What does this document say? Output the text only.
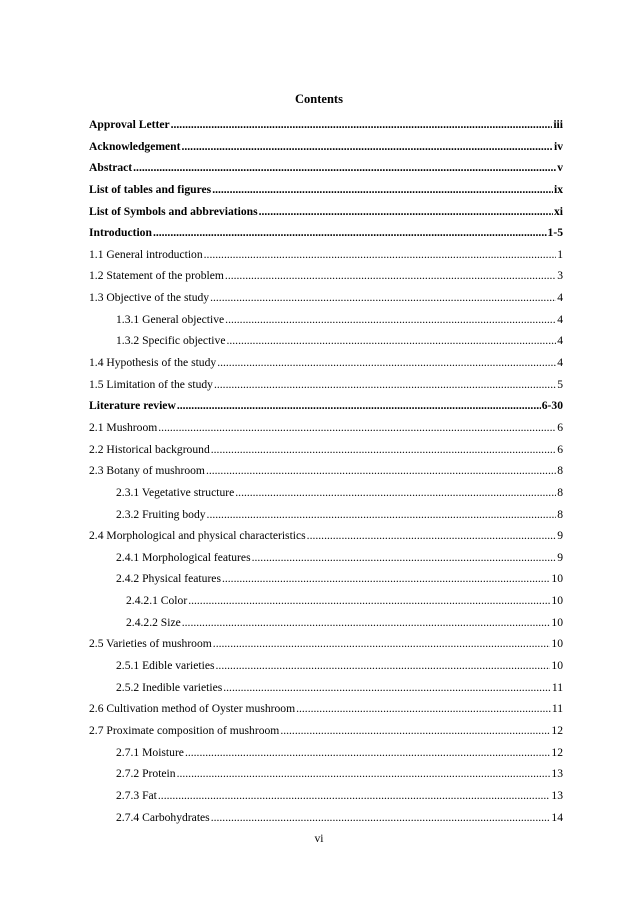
Contents
Approval Letter .....	iii
Acknowledgement .....	iv
Abstract .....	v
List of tables and figures .....	ix
List of Symbols and abbreviations .....	xi
Introduction .....	1-5
1.1 General introduction .....	1
1.2 Statement of the problem .....	3
1.3 Objective of the study .....	4
1.3.1 General objective .....	4
1.3.2 Specific objective .....	4
1.4 Hypothesis of the study .....	4
1.5 Limitation of the study .....	5
Literature review .....	6-30
2.1 Mushroom .....	6
2.2 Historical background .....	6
2.3 Botany of mushroom .....	8
2.3.1 Vegetative structure .....	8
2.3.2 Fruiting body .....	8
2.4 Morphological and physical characteristics .....	9
2.4.1 Morphological features .....	9
2.4.2 Physical features .....	10
2.4.2.1 Color .....	10
2.4.2.2 Size .....	10
2.5 Varieties of mushroom .....	10
2.5.1 Edible varieties .....	10
2.5.2 Inedible varieties .....	11
2.6 Cultivation method of Oyster mushroom .....	11
2.7 Proximate composition of mushroom .....	12
2.7.1 Moisture .....	12
2.7.2 Protein .....	13
2.7.3 Fat .....	13
2.7.4 Carbohydrates .....	14
vi
